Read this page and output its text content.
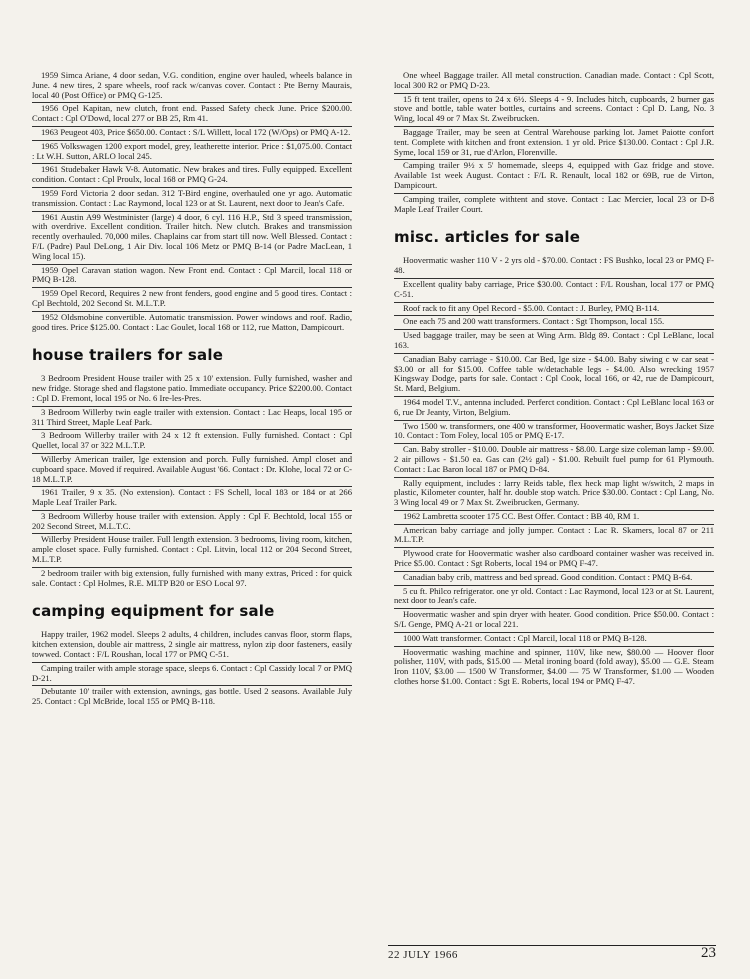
1959 Simca Ariane, 4 door sedan, V.G. condition, engine over hauled, wheels balance in June. 4 new tires, 2 spare wheels, roof rack w/canvas cover. Contact : Pte Berny Maurais, local 40 (Post Office) or PMQ G-125.

1956 Opel Kapitan, new clutch, front end. Passed Safety check June. Price $200.00. Contact : Cpl O'Dowd, local 277 or BB 25, Rm 41.

1963 Peugeot 403, Price $650.00. Contact : S/L Willett, local 172 (W/Ops) or PMQ A-12.

1965 Volkswagen 1200 export model, grey, leatherette interior. Price : $1,075.00. Contact : Lt W.H. Sutton, ARLO local 245.

1961 Studebaker Hawk V-8. Automatic. New brakes and tires. Fully equipped. Excellent condition. Contact : Cpl Proulx, local 168 or PMQ G-24.

1959 Ford Victoria 2 door sedan. 312 T-Bird engine, overhauled one yr ago. Automatic transmission. Contact : Lac Raymond, local 123 or at St. Laurent, next door to Jean's Cafe.

1961 Austin A99 Westminister (large) 4 door, 6 cyl. 116 H.P., Std 3 speed transmission, with overdrive. Excellent condition. Trailer hitch. New clutch. Brakes and transmission recently overhauled. 70,000 miles. Chaplains car from start till now. Well Blessed. Contact : F/L (Padre) Paul DeLong, 1 Air Div. local 106 Metz or PMQ B-14 (or Padre MacLean, 1 Wing local 15).

1959 Opel Caravan station wagon. New Front end. Contact : Cpl Marcil, local 118 or PMQ B-128.

1959 Opel Record, Requires 2 new front fenders, good engine and 5 good tires. Contact : Cpl Bechtold, 202 Second St. M.L.T.P.

1952 Oldsmobine convertible. Automatic transmission. Power windows and roof. Radio, good tires. Price $125.00. Contact : Lac Goulet, local 168 or 112, rue Matton, Dampicourt.

house trailers for sale

3 Bedroom President House trailer with 25 x 10' extension. Fully furnished, washer and new fridge. Storage shed and flagstone patio. Immediate occupancy. Price $2200.00. Contact : Cpl D. Fremont, local 195 or No. 6 Ire-les-Pres.

3 Bedroom Willerby twin eagle trailer with extension. Contact : Lac Heaps, local 195 or 311 Third Street, Maple Leaf Park.

3 Bedroom Willerby trailer with 24 x 12 ft extension. Fully furnished. Contact : Cpl Quellet, local 37 or 322 M.L.T.P.

Willerby American trailer, lge extension and porch. Fully furnished. Ampl closet and cupboard space. Moved if required. Available August '66. Contact : Dr. Klohe, local 72 or C-18 M.L.T.P.

1961 Trailer, 9 x 35. (No extension). Contact : FS Schell, local 183 or 184 or at 266 Maple Leaf Trailer Park.

3 Bedroom Willerby house trailer with extension. Apply : Cpl F. Bechtold, local 155 or 202 Second Street, M.L.T.C.

Willerby President House trailer. Full length extension. 3 bedrooms, living room, kitchen, ample closet space. Fully furnished. Contact : Cpl. Litvin, local 112 or 204 Second Street, M.L.T.P.

2 bedroom trailer with big extension, fully furnished with many extras, Priced : for quick sale. Contact : Cpl Holmes, R.E. MLTP B20 or ESO Local 97.

camping equipment for sale

Happy trailer, 1962 model. Sleeps 2 adults, 4 children, includes canvas floor, storm flaps, kitchen extension, double air mattress, 2 single air mattress, nylon zip door fasteners, easily towwed. Contact : F/L Roushan, local 177 or PMQ C-51.

Camping trailer with ample storage space, sleeps 6. Contact : Cpl Cassidy local 7 or PMQ D-21.

Debutante 10' trailer with extension, awnings, gas bottle. Used 2 seasons. Available July 25. Contact : Cpl McBride, local 155 or PMQ B-118.

One wheel Baggage trailer. All metal construction. Canadian made. Contact : Cpl Scott, local 300 R2 or PMQ D-23.

15 ft tent trailer, opens to 24 x 6½. Sleeps 4 - 9. Includes hitch, cupboards, 2 burner gas stove and bottle, table water bottles, curtains and screens. Contact : Cpl D. Lang, No. 3 Wing, local 49 or 7 Max St. Zweibrucken.

Baggage Trailer, may be seen at Central Warehouse parking lot. Jamet Paiotte confort tent. Complete with kitchen and front extension. 1 yr old. Price $130.00. Contact : Cpl J.R. Syme, local 159 or 31, rue d'Arlon, Florenville.

Camping trailer 9½ x 5' homemade, sleeps 4, equipped with Gaz fridge and stove. Available 1st week August. Contact : F/L R. Renault, local 182 or 69B, rue de Virton, Dampicourt.

Camping trailer, complete withtent and stove. Contact : Lac Mercier, local 23 or D-8 Maple Leaf Trailer Court.

misc. articles for sale

Hoovermatic washer 110 V - 2 yrs old - $70.00. Contact : FS Bushko, local 23 or PMQ F-48.

Excellent quality baby carriage, Price $30.00. Contact : F/L Roushan, local 177 or PMQ C-51.

Roof rack to fit any Opel Record - $5.00. Contact : J. Burley, PMQ B-114.

One each 75 and 200 watt transformers. Contact : Sgt Thompson, local 155.

Used baggage trailer, may be seen at Wing Arm. Bldg 89. Contact : Cpl LeBlanc, local 163.

Canadian Baby carriage - $10.00. Car Bed, lge size - $4.00. Baby siwing c w car seat - $3.00 or all for $15.00. Coffee table w/detachable legs - $4.00. Also wrecking 1957 Kingsway Dodge, parts for sale. Contact : Cpl Cook, local 166, or 42, rue de Dampicourt, St. Mard, Belgium.

1964 model T.V., antenna included. Perferct condition. Contact : Cpl LeBlanc local 163 or 6, rue Dr Jeanty, Virton, Belgium.

Two 1500 w. transformers, one 400 w transformer, Hoovermatic washer, Boys Jacket Size 10. Contact : Tom Foley, local 105 or PMQ E-17.

Can. Baby stroller - $10.00. Double air mattress - $8.00. Large size coleman lamp - $9.00. 2 air pillows - $1.50 ea. Gas can (2½ gal) - $1.00. Rebuilt fuel pump for 61 Plymouth. Contact : Lac Baron local 187 or PMQ D-84.

Rally equipment, includes : larry Reids table, flex heck map light w/switch, 2 maps in plastic, Kilometer counter, half hr. double stop watch. Price $30.00. Contact : Cpl Lang, No. 3 Wing local 49 or 7 Max St. Zweibrucken, Germany.

1962 Lambretta scooter 175 CC. Best Offer. Contact : BB 40, RM 1.

American baby carriage and jolly jumper. Contact : Lac R. Skamers, local 87 or 211 M.L.T.P.

Plywood crate for Hoovermatic washer also cardboard container washer was received in. Price $5.00. Contact : Sgt Roberts, local 194 or PMQ F-47.

Canadian baby crib, mattress and bed spread. Good condition. Contact : PMQ B-64.

5 cu ft. Philco refrigerator. one yr old. Contact : Lac Raymond, local 123 or at St. Laurent, next door to Jean's cafe.

Hoovermatic washer and spin dryer with heater. Good condition. Price $50.00. Contact : S/L Genge, PMQ A-21 or local 221.

1000 Watt transformer. Contact : Cpl Marcil, local 118 or PMQ B-128.

Hoovermatic washing machine and spinner, 110V, like new, $80.00 — Hoover floor polisher, 110V, with pads, $15.00 — Metal ironing board (fold away), $5.00 — G.E. Steam Iron 110V, $3.00 — 1500 W Transformer, $4.00 — 75 W Transformer, $1.00 — Wooden clothes horse $1.00. Contact : Sgt E. Roberts, local 194 or PMQ F-47.

22 JULY 1966	23
